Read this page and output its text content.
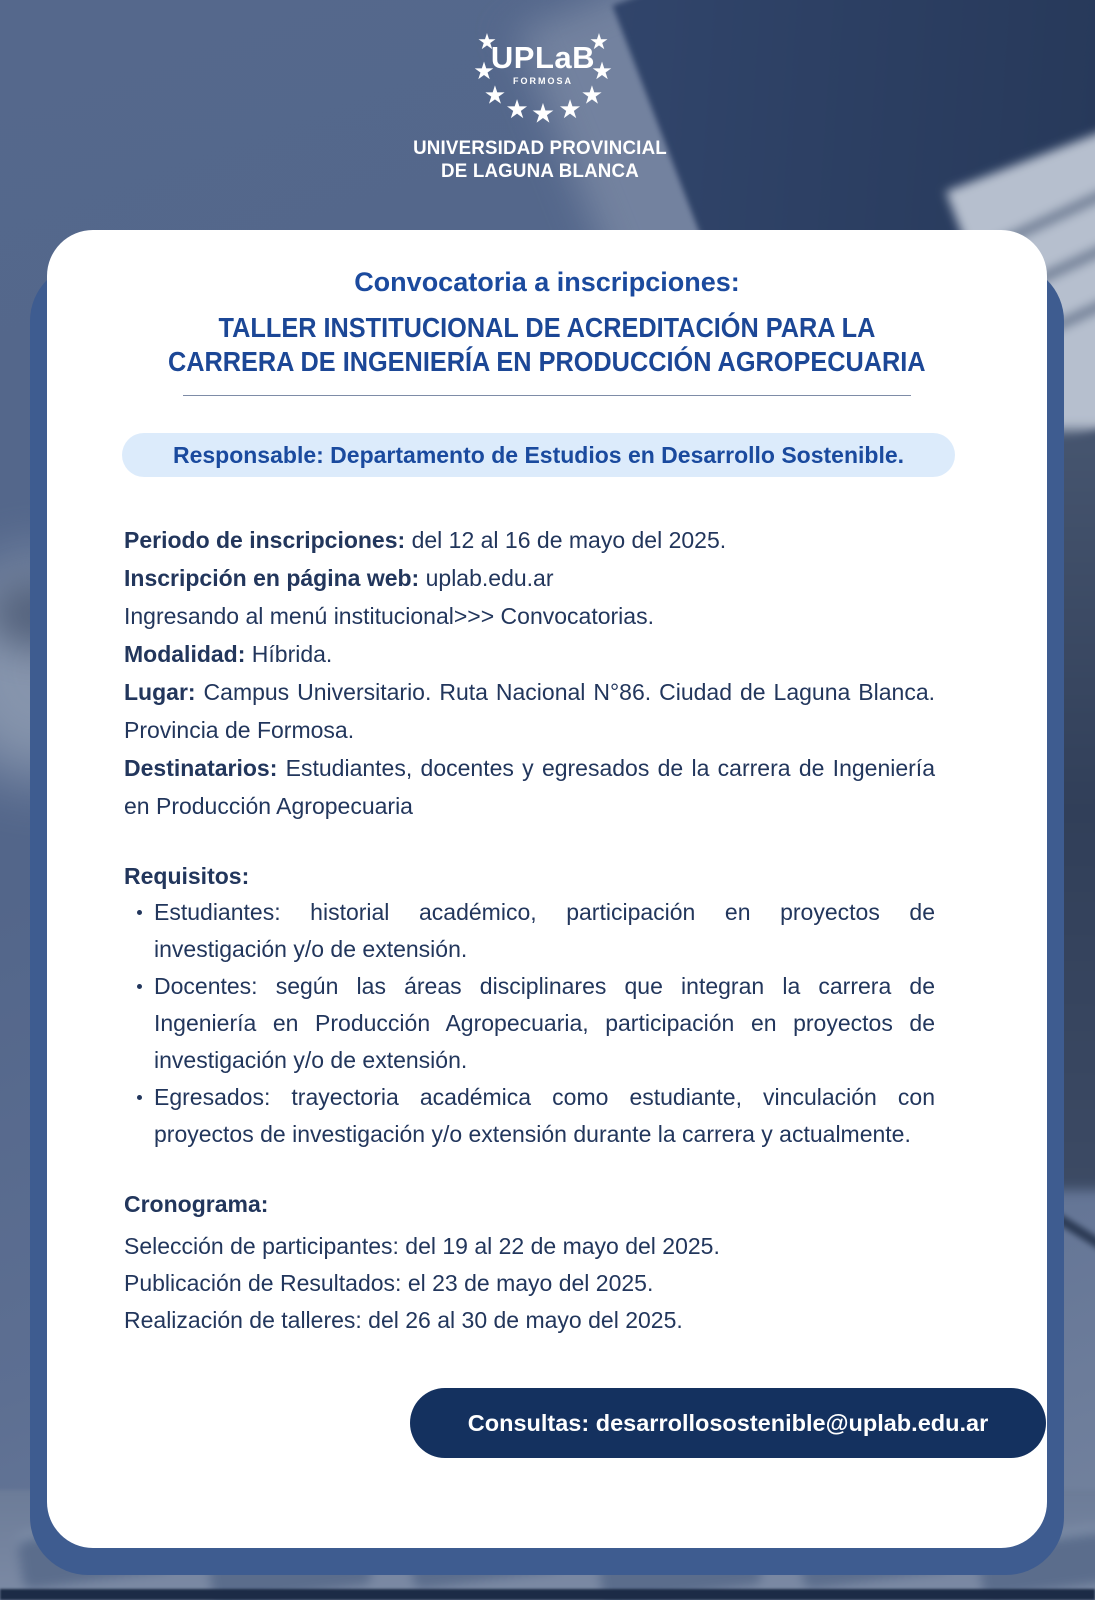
★
★
★ ★ ★ ★ ★
★
★
UPLaB
FORMOSA
UNIVERSIDAD PROVINCIAL
DE LAGUNA BLANCA
Convocatoria a inscripciones:
TALLER INSTITUCIONAL DE ACREDITACIÓN PARA LA
CARRERA DE INGENIERÍA EN PRODUCCIÓN AGROPECUARIA
Responsable: Departamento de Estudios en Desarrollo Sostenible.

Periodo de inscripciones: del 12 al 16 de mayo del 2025.

Inscripción en página web: uplab.edu.ar

Ingresando al menú institucional>>> Convocatorias.

Modalidad: Híbrida.

Lugar: Campus Universitario. Ruta Nacional N°86. Ciudad de Laguna Blanca. Provincia de Formosa.

Destinatarios: Estudiantes, docentes y egresados de la carrera de Ingeniería en Producción Agropecuaria

Requisitos:
Estudiantes: historial académico, participación en proyectos de investigación y/o de extensión.
Docentes: según las áreas disciplinares que integran la carrera de Ingeniería en Producción Agropecuaria, participación en proyectos de investigación y/o de extensión.
Egresados: trayectoria académica como estudiante, vinculación con proyectos de investigación y/o extensión durante la carrera y actualmente.
Cronograma:

Selección de participantes: del 19 al 22 de mayo del 2025.

Publicación de Resultados: el 23 de mayo del 2025.

Realización de talleres: del 26 al 30 de mayo del 2025.

Consultas: desarrollosostenible@uplab.edu.ar
